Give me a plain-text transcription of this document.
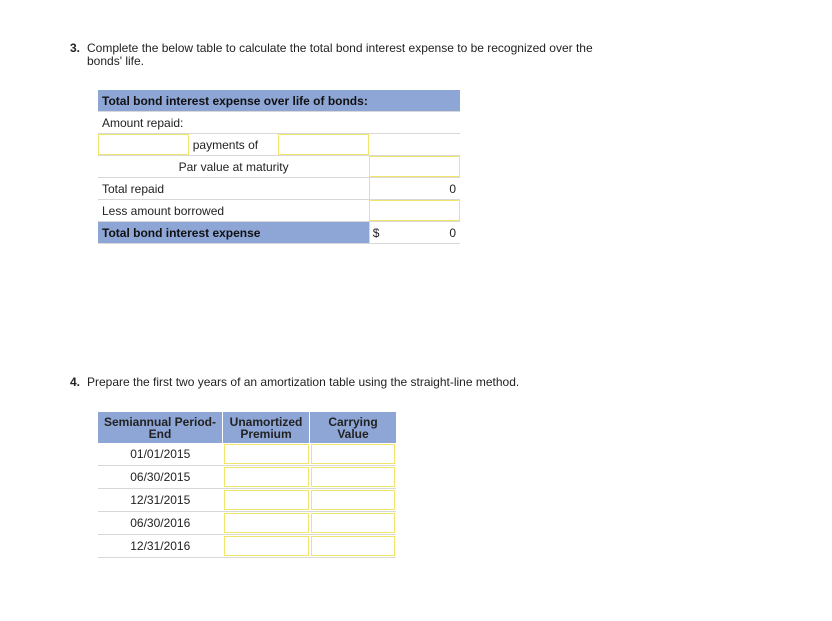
3. Complete the below table to calculate the total bond interest expense to be recognized over the bonds' life.
Total bond interest expense over life of bonds:			
Amount repaid:			

	payments of	

Par value at maturity			

Total repaid			0
Less amount borrowed			

Total bond interest expense			$ 0
4. Prepare the first two years of an amortization table using the straight-line method.
Semiannual Period-End	Unamortized Premium	Carrying Value
01/01/2015	

06/30/2015	

12/31/2015	

06/30/2016	

12/31/2016	
